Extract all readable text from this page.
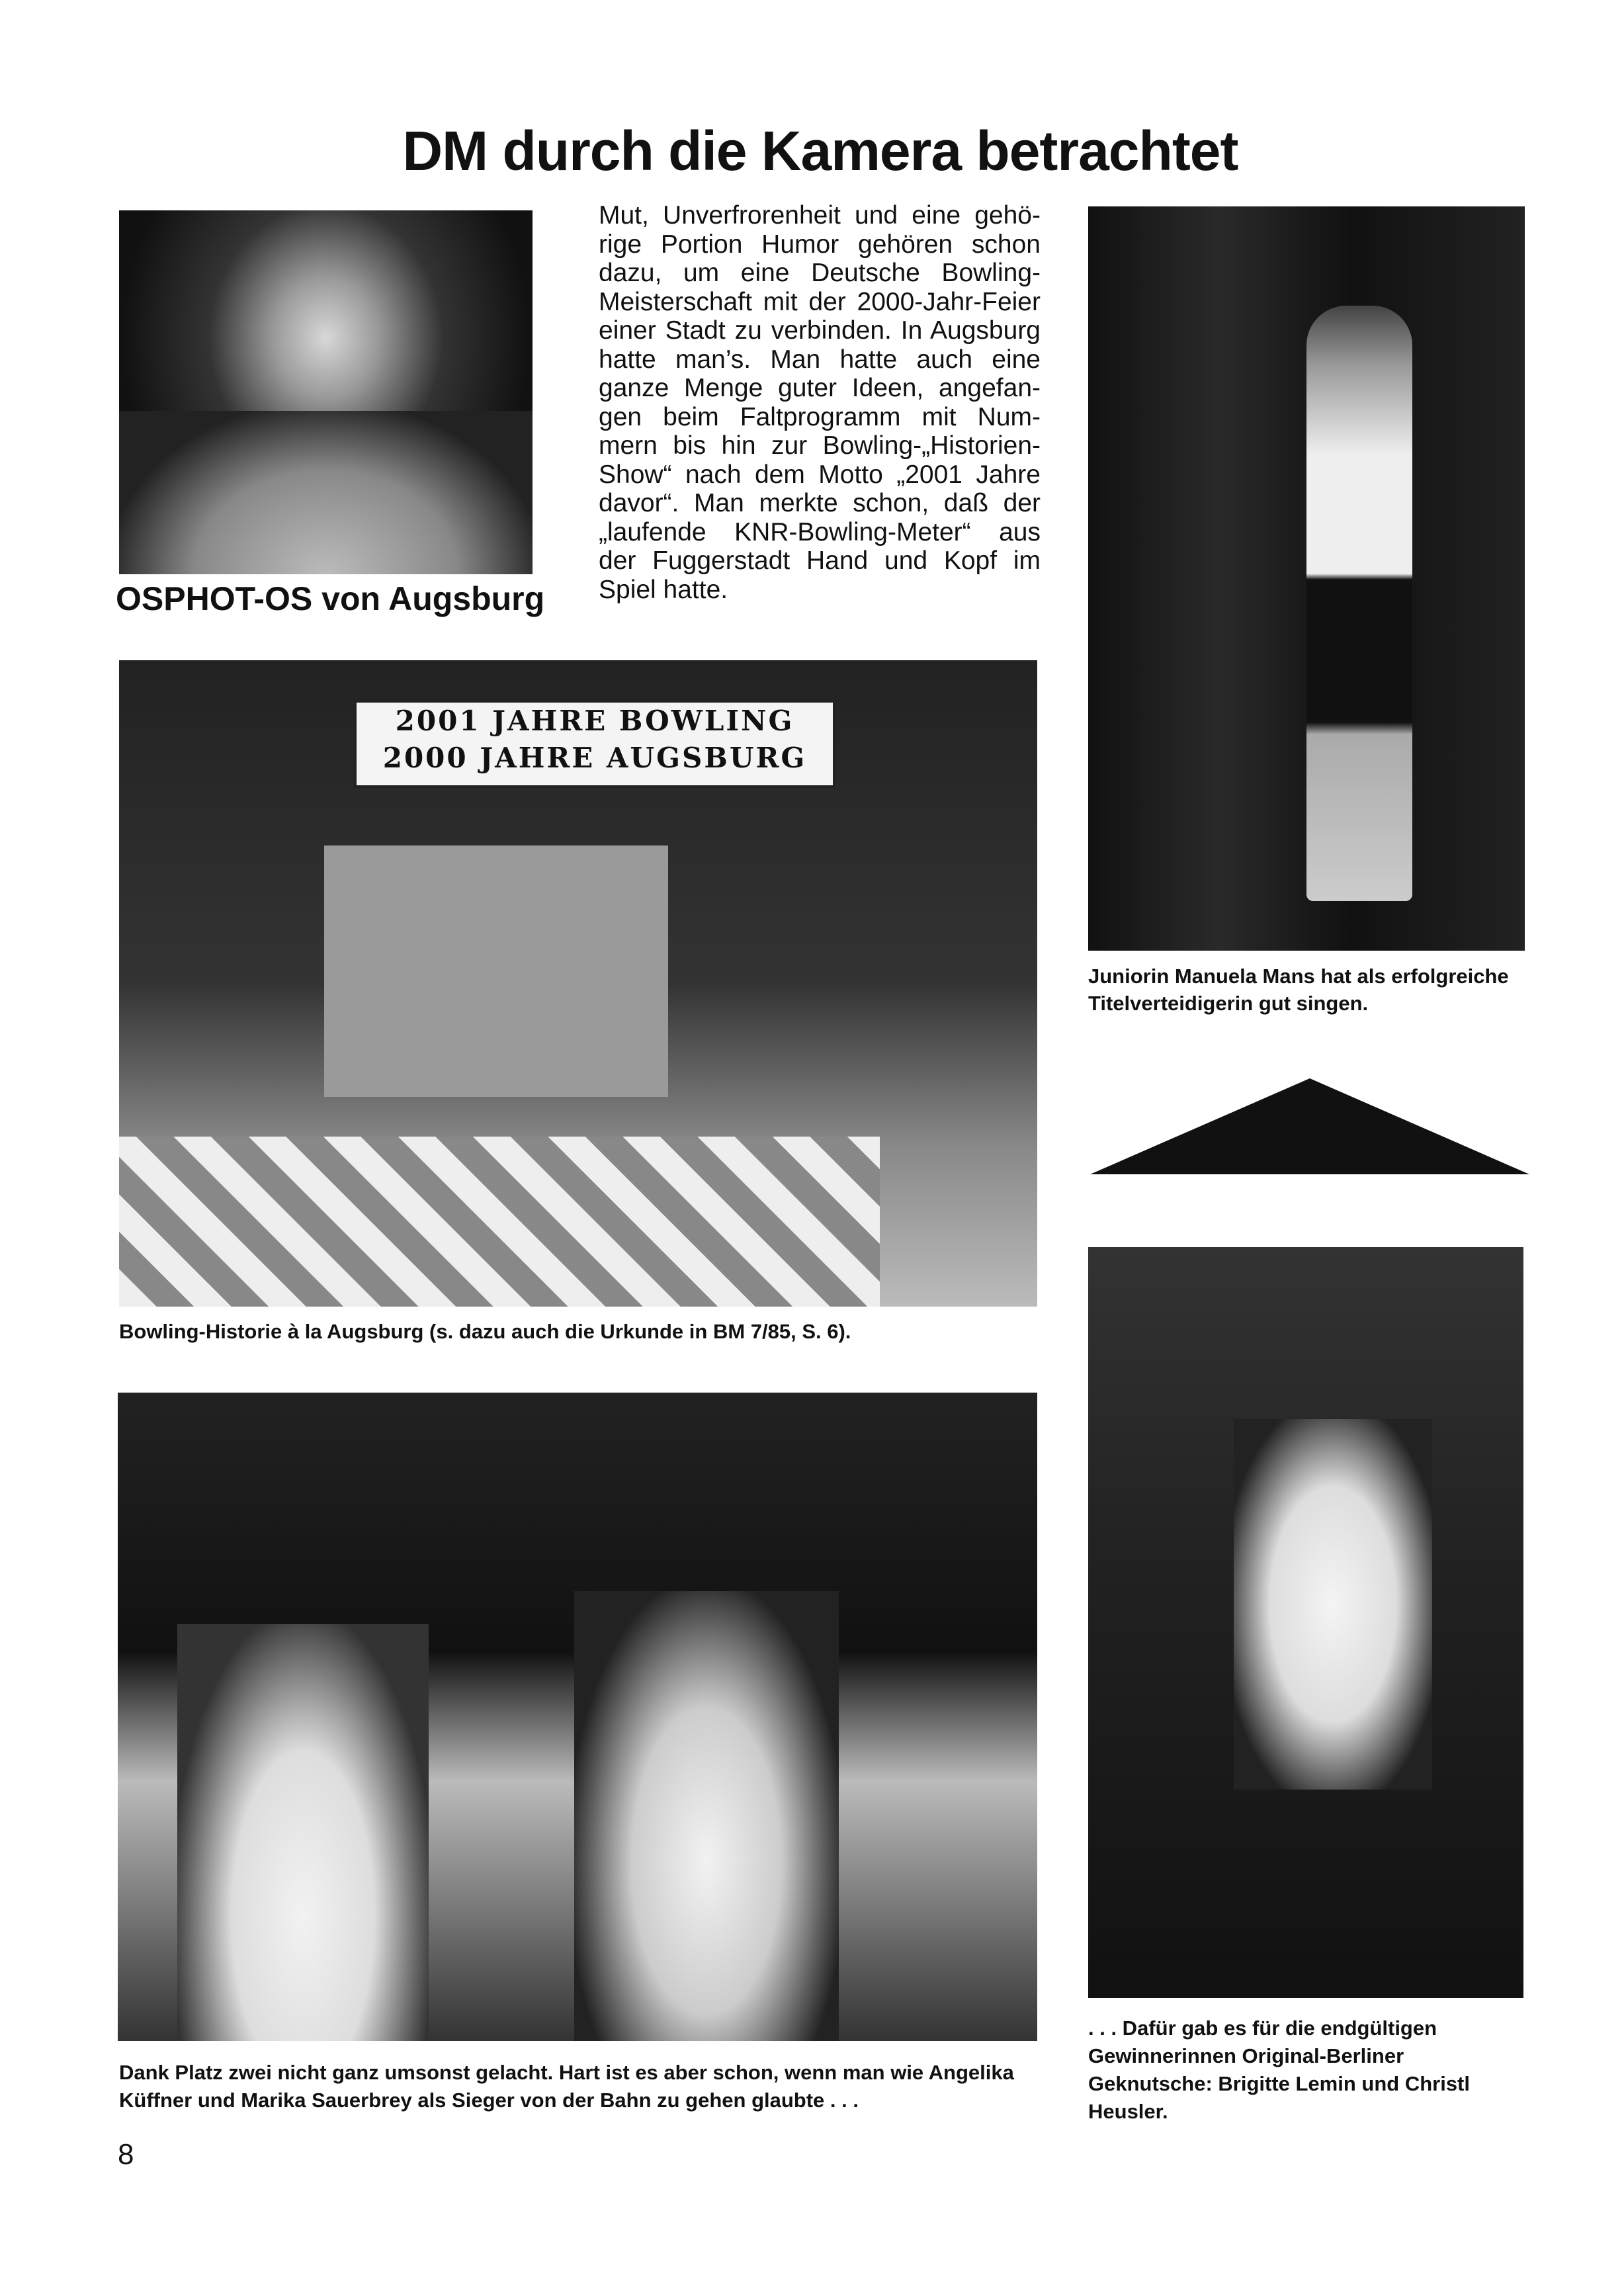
DM durch die Kamera betrachtet
OSPHOT-OS von Augsburg
Mut, Unverfrorenheit und eine gehö-
rige Portion Humor gehören schon
dazu, um eine Deutsche Bowling-
Meisterschaft mit der 2000-Jahr-Feier
einer Stadt zu verbinden. In Augsburg
hatte man’s. Man hatte auch eine
ganze Menge guter Ideen, angefan-
gen beim Faltprogramm mit Num-
mern bis hin zur Bowling-„Historien-
Show“ nach dem Motto „2001 Jahre
davor“. Man merkte schon, daß der
„laufende KNR-Bowling-Meter“ aus
der Fuggerstadt Hand und Kopf im
Spiel hatte.
Juniorin Manuela Mans hat als erfolgreiche Titelverteidigerin gut singen.
2001 JAHRE BOWLING
2000 JAHRE AUGSBURG
Bowling-Historie à la Augsburg (s. dazu auch die Urkunde in BM 7/85, S. 6).
Dank Platz zwei nicht ganz umsonst gelacht. Hart ist es aber schon, wenn man wie Angelika Küffner und Marika Sauerbrey als Sieger von der Bahn zu gehen glaubte . . .
. . . Dafür gab es für die endgültigen Gewinnerinnen Original-Berliner Geknutsche: Brigitte Lemin und Christl Heusler.
8
